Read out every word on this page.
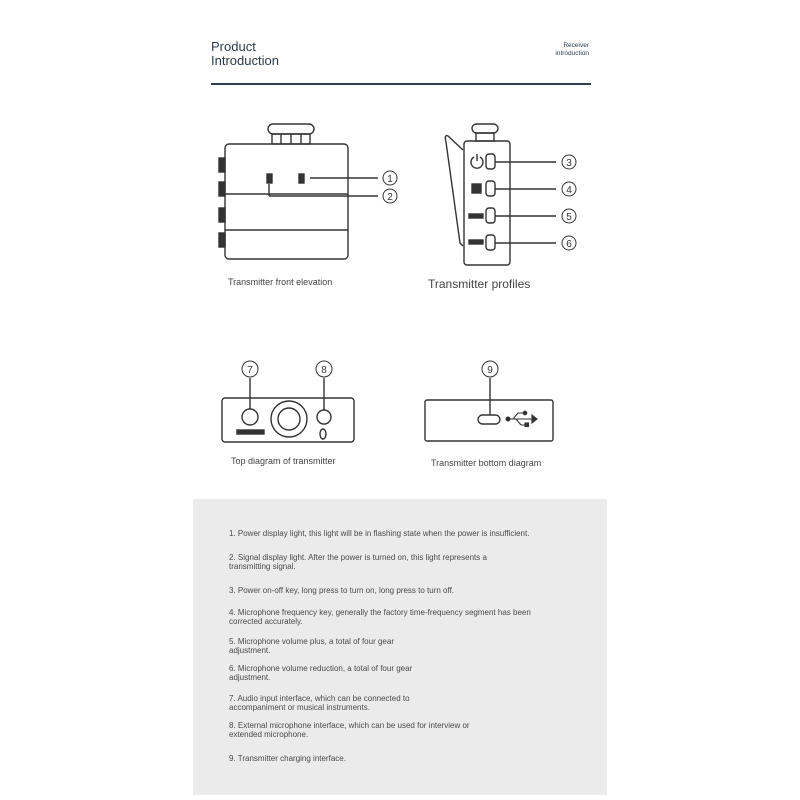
Product
Introduction
Receiver
introduction
1
2
3
4
5
6
7	8	9
Transmitter front elevation	Transmitter profiles
Top diagram of transmitter	Transmitter bottom diagram
1. Power display light, this light will be in flashing state when the power is insufficient.
2. Signal display light. After the power is turned on, this light represents a transmitting signal.
3. Power on-off key, long press to turn on, long press to turn off.
4. Microphone frequency key, generally the factory time-frequency segment has been corrected accurately.
5. Microphone volume plus, a total of four gear adjustment.
6. Microphone volume reduction, a total of four gear adjustment.
7. Audio input interface, which can be connected to accompaniment or musical instruments.
8. External microphone interface, which can be used for interview or extended microphone.
9. Transmitter charging interface.
